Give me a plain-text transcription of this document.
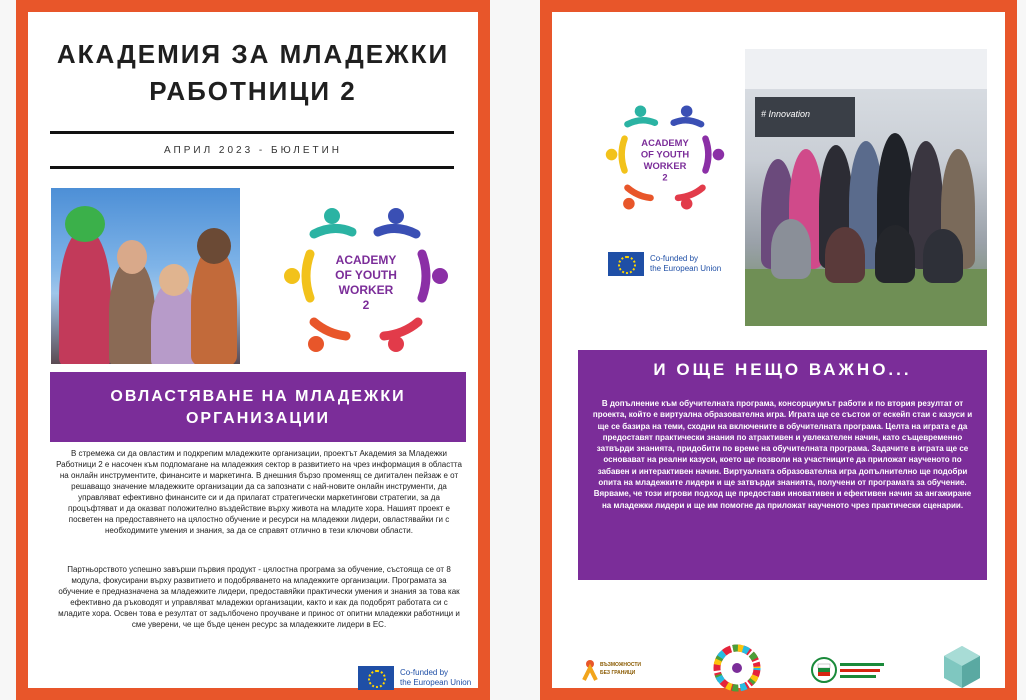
АКАДЕМИЯ ЗА МЛАДЕЖКИ
РАБОТНИЦИ 2
АПРИЛ 2023 - БЮЛЕТИН
ACADEMY
OF YOUTH
WORKER
2
ОВЛАСТЯВАНЕ НА МЛАДЕЖКИ
ОРГАНИЗАЦИИ

В стремежа си да овластим и подкрепим младежките организации, проектът Академия за Младежки Работници 2 е насочен към подпомагане на младежкия сектор в развитието на чрез информация в областта на онлайн инструментите, финансите и маркетинга. В днешния бързо променящ се дигитален пейзаж е от решаващо значение младежките организации да са запознати с най-новите онлайн инструменти, да управляват ефективно финансите си и да прилагат стратегически маркетингови стратегии, за да процъфтяват и да оказват положително въздействие върху живота на младите хора. Нашият проект е посветен на предоставянето на цялостно обучение и ресурси на младежки лидери, овластявайки ги с необходимите умения и знания, за да се справят отлично в тези ключови области.

Партньорството успешно завърши първия продукт - цялостна програма за обучение, състояща се от 8 модула, фокусирани върху развитието и подобряването на младежките организации. Програмата за обучение е предназначена за младежките лидери, предоставяйки практически умения и знания за това как ефективно да ръководят и управляват младежки организации, както и как да подобрят работата си с младите хора. Освен това е резултат от задълбочено проучване и принос от опитни младежки работници и сме уверени, че ще бъде ценен ресурс за младежките лидери в ЕС.

Co-funded by
the European Union
ACADEMY
OF YOUTH
WORKER
2
Co-funded by
the European Union
# Innovation
И ОЩЕ НЕЩО ВАЖНО...

В допълнение към обучителната програма, консорциумът работи и по втория резултат от проекта, който е виртуална образователна игра. Играта ще се състои от ескейп стаи с казуси и ще се базира на теми, сходни на включените в обучителната програма. Целта на играта е да предоставят практически знания по атрактивен и увлекателен начин, като същевременно затвърди знанията, придобити по време на обучителната програма. Задачите в играта ще се основават на реални казуси, което ще позволи на участниците да приложат наученото по забавен и интерактивен начин. Виртуалната образователна игра допълнително ще подобри опита на младежките лидери и ще затвърди знанията, получени от програмата за обучение. Вярваме, че този игрови подход ще предостави иновативен и ефективен начин за ангажиране на младежки лидери и ще им помогне да приложат наученото чрез практически сценарии.

ВЪЗМОЖНОСТИ
БЕЗ ГРАНИЦИ
